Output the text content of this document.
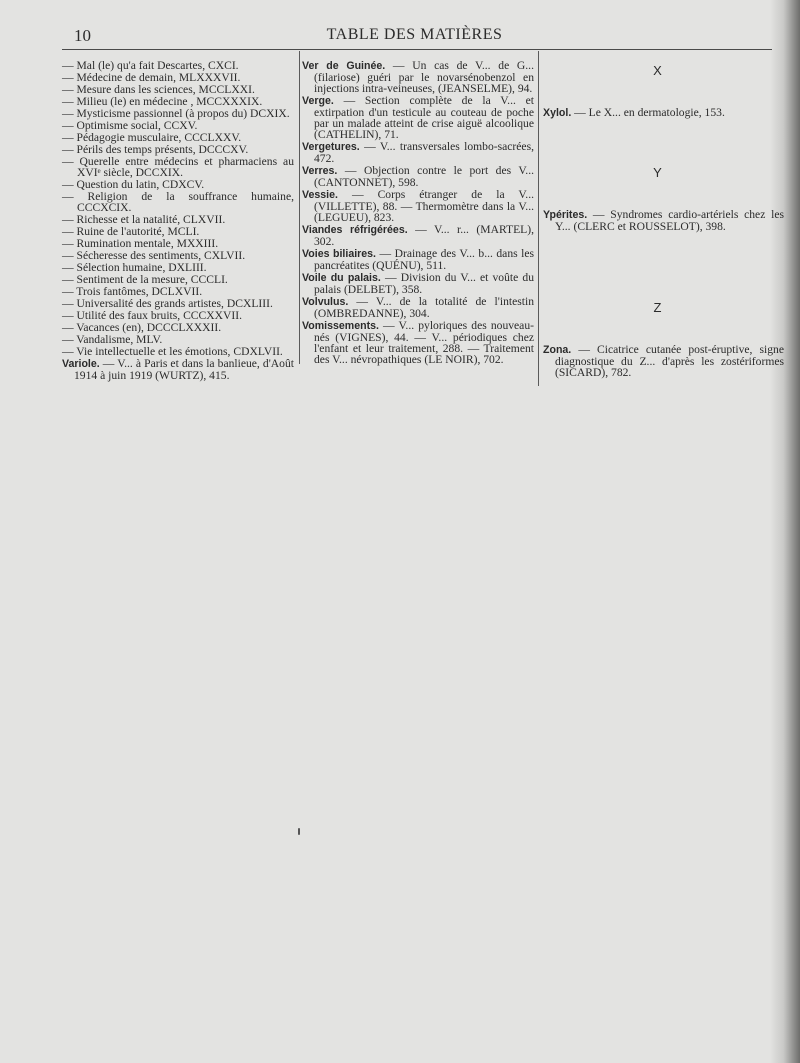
10	TABLE DES MATIÈRES
— Mal (le) qu'a fait Descartes, CXCI.
— Médecine de demain, MLXXXVII.
— Mesure dans les sciences, MCCLXXI.
— Milieu (le) en médecine , MCCXXXIX.
— Mysticisme passionnel (à propos du) DCXIX.
— Optimisme social, CCXV.
— Pédagogie musculaire, CCCLXXV.
— Périls des temps présents, DCCCXV.
— Querelle entre médecins et pharmaciens au XVIᵉ siècle, DCCXIX.
— Question du latin, CDXCV.
— Religion de la souffrance humaine, CCCXCIX.
— Richesse et la natalité, CLXVII.
— Ruine de l'autorité, MCLI.
— Rumination mentale, MXXIII.
— Sécheresse des sentiments, CXLVII.
— Sélection humaine, DXLIII.
— Sentiment de la mesure, CCCLI.
— Trois fantômes, DCLXVII.
— Universalité des grands artistes, DCXLIII.
— Utilité des faux bruits, CCCXXVII.
— Vacances (en), DCCCLXXXII.
— Vandalisme, MLV.
— Vie intellectuelle et les émotions, CDXLVII.
Variole. — V... à Paris et dans la banlieue, d'Août 1914 à juin 1919 (WURTZ), 415.
Ver de Guinée. — Un cas de V... de G... (filariose) guéri par le novarsénobenzol en injections intra-veineuses, (JEANSELME), 94.
Verge. — Section complète de la V... et extirpation d'un testicule au couteau de poche par un malade atteint de crise aiguë alcoolique (CATHELIN), 71.
Vergetures. — V... transversales lombo-sacrées, 472.
Verres. — Objection contre le port des V... (CANTONNET), 598.
Vessie. — Corps étranger de la V... (VILLETTE), 88. — Thermomètre dans la V... (LEGUEU), 823.
Viandes réfrigérées. — V... r... (MARTEL), 302.
Voies biliaires. — Drainage des V... b... dans les pancréatites (QUÉNU), 511.
Voile du palais. — Division du V... et voûte du palais (DELBET), 358.
Volvulus. — V... de la totalité de l'intestin (OMBREDANNE), 304.
Vomissements. — V... pyloriques des nouveau-nés (VIGNES), 44. — V... périodiques chez l'enfant et leur traitement, 288. — Traitement des V... névropathiques (LE NOIR), 702.
X
Xylol. — Le X... en dermatologie, 153.
Y
Ypérites. — Syndromes cardio-artériels chez les Y... (CLERC et ROUSSELOT), 398.
Z
Zona. — Cicatrice cutanée post-éruptive, signe diagnostique du Z... d'après les zostériformes (SICARD), 782.
